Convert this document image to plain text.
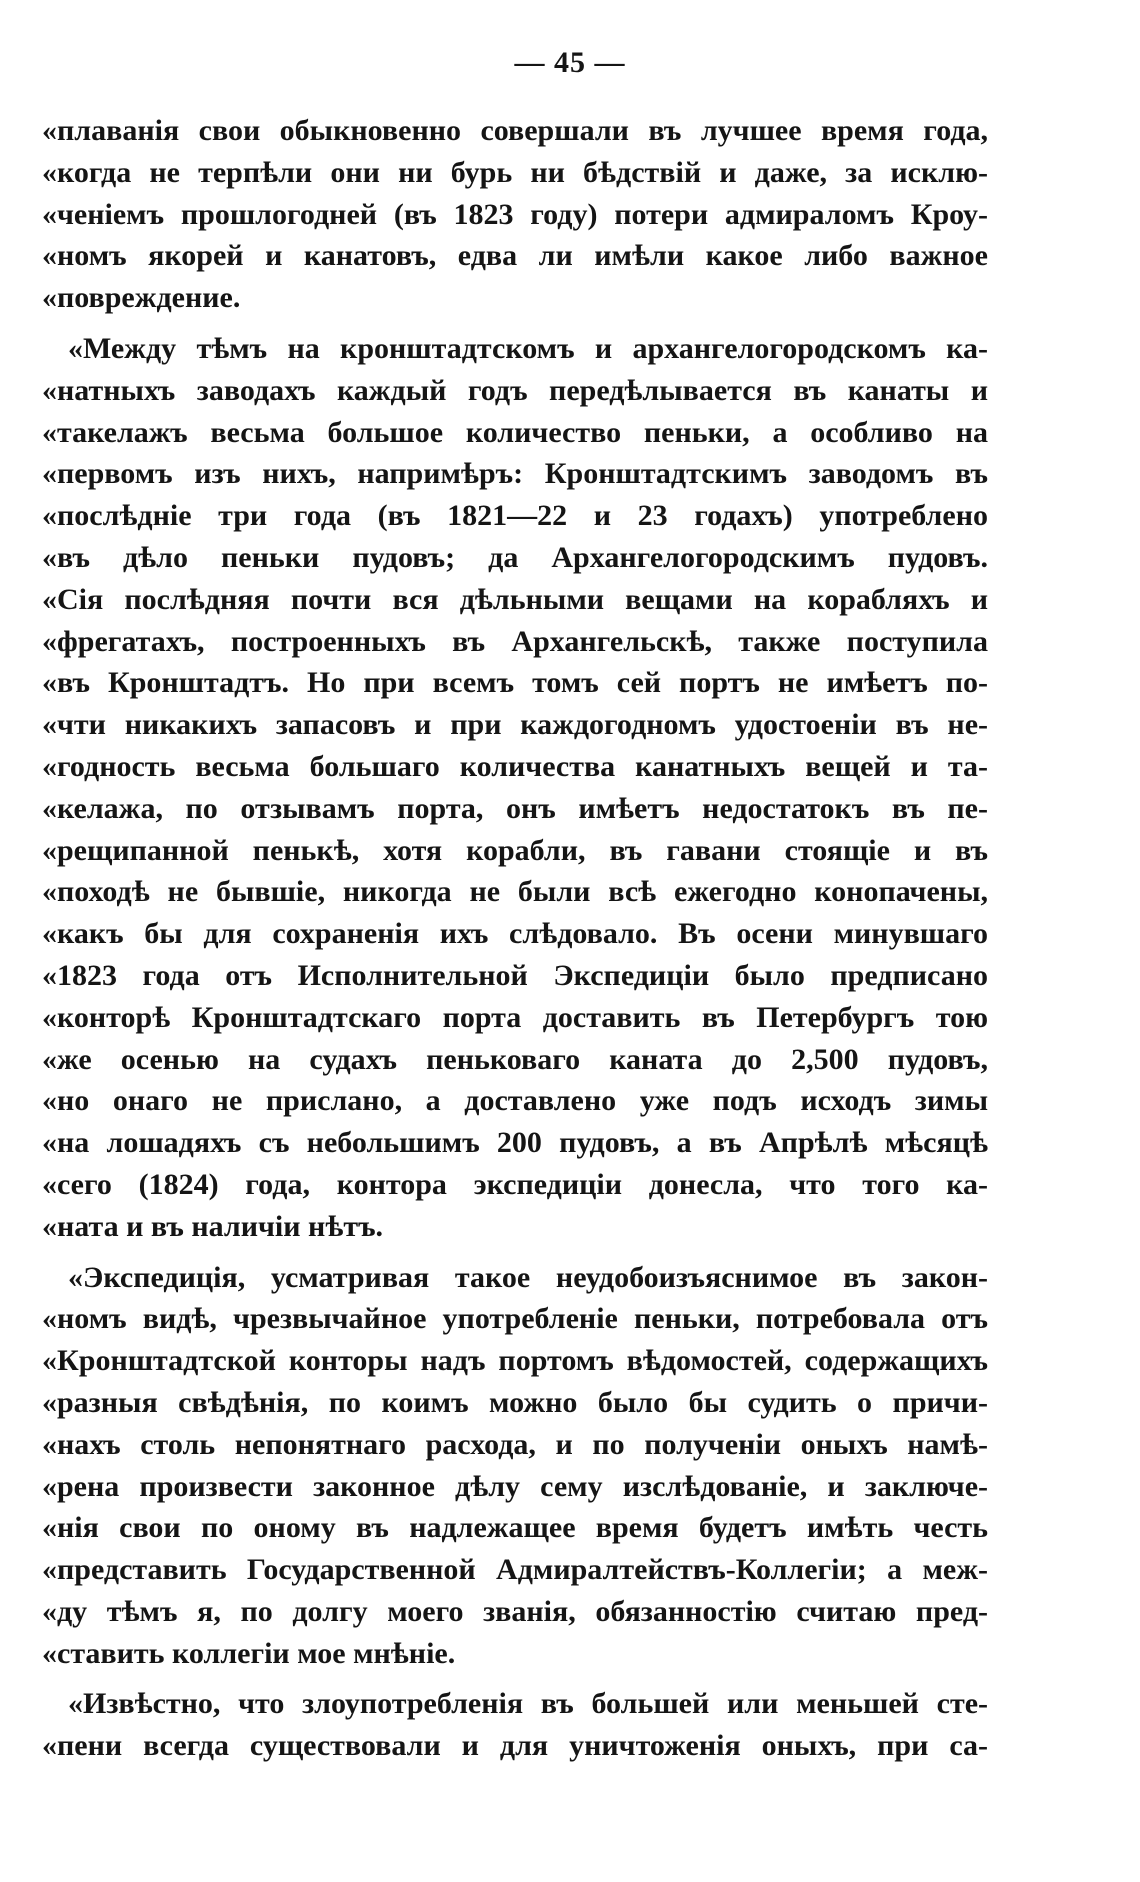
— 45 —
«плаванія свои обыкновенно совершали въ лучшее время года,
«когда не терпѣли они ни бурь ни бѣдствій и даже, за исклю-
«ченіемъ прошлогодней (въ 1823 году) потери адмираломъ Кроу-
«номъ якорей и канатовъ, едва ли имѣли какое либо важное
«повреждение.
«Между тѣмъ на кронштадтскомъ и архангелогородскомъ ка-
«натныхъ заводахъ каждый годъ передѣлывается въ канаты и
«такелажъ весьма большое количество пеньки, а особливо на
«первомъ изъ нихъ, напримѣръ: Кронштадтскимъ заводомъ въ
«послѣдніе три года (въ 1821—22 и 23 годахъ) употреблено
«въ дѣло пеньки пудовъ; да Архангелогородскимъ пудовъ.
«Сія послѣдняя почти вся дѣльными вещами на корабляхъ и
«фрегатахъ, построенныхъ въ Архангельскѣ, также поступила
«въ Кронштадтъ. Но при всемъ томъ сей портъ не имѣетъ по-
«чти никакихъ запасовъ и при каждогодномъ удостоеніи въ не-
«годность весьма большаго количества канатныхъ вещей и та-
«келажа, по отзывамъ порта, онъ имѣетъ недостатокъ въ пе-
«рещипанной пенькѣ, хотя корабли, въ гавани стоящіе и въ
«походѣ не бывшіе, никогда не были всѣ ежегодно конопачены,
«какъ бы для сохраненія ихъ слѣдовало. Въ осени минувшаго
«1823 года отъ Исполнительной Экспедиціи было предписано
«конторѣ Кронштадтскаго порта доставить въ Петербургъ тою
«же осенью на судахъ пеньковаго каната до 2,500 пудовъ,
«но онаго не прислано, а доставлено уже подъ исходъ зимы
«на лошадяхъ съ небольшимъ 200 пудовъ, а въ Апрѣлѣ мѣсяцѣ
«сего (1824) года, контора экспедиціи донесла, что того ка-
«ната и въ наличіи нѣтъ.
«Экспедиція, усматривая такое неудобоизъяснимое въ закон-
«номъ видѣ, чрезвычайное употребленіе пеньки, потребовала отъ
«Кронштадтской конторы надъ портомъ вѣдомостей, содержащихъ
«разныя свѣдѣнія, по коимъ можно было бы судить о причи-
«нахъ столь непонятнаго расхода, и по полученіи оныхъ намѣ-
«рена произвести законное дѣлу сему изслѣдованіе, и заключе-
«нія свои по оному въ надлежащее время будетъ имѣть честь
«представить Государственной Адмиралтействъ-Коллегіи; а меж-
«ду тѣмъ я, по долгу моего званія, обязанностію считаю пред-
«ставить коллегіи мое мнѣніе.
«Извѣстно, что злоупотребленія въ большей или меньшей сте-
«пени всегда существовали и для уничтоженія оныхъ, при са-
